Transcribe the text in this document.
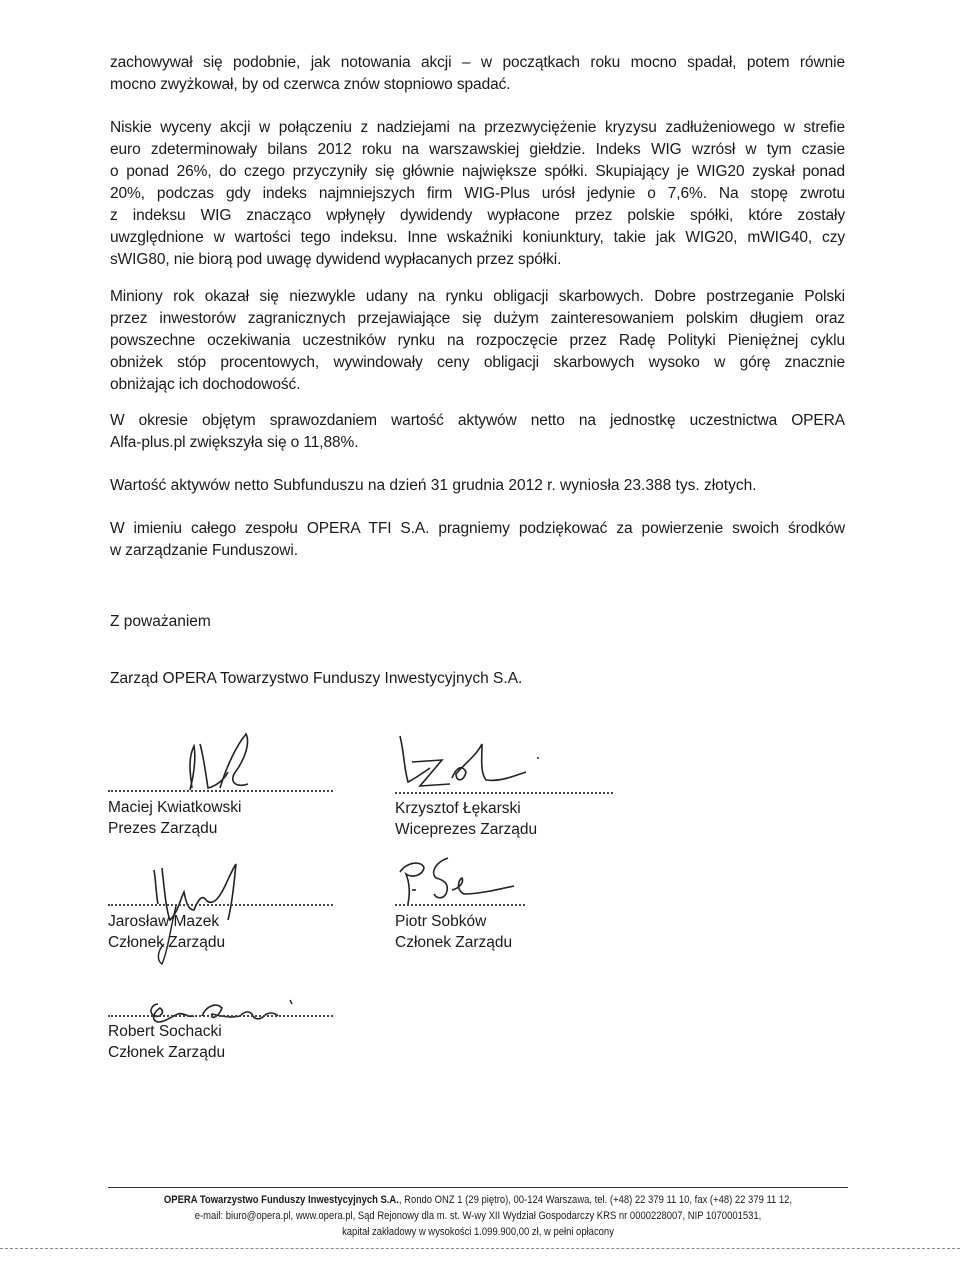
zachowywał się podobnie, jak notowania akcji – w początkach roku mocno spadał, potem równie
mocno zwyżkował, by od czerwca znów stopniowo spadać.
Niskie wyceny akcji w połączeniu z nadziejami na przezwyciężenie kryzysu zadłużeniowego w strefie
euro zdeterminowały bilans 2012 roku na warszawskiej giełdzie. Indeks WIG wzrósł w tym czasie
o ponad 26%, do czego przyczyniły się głównie największe spółki. Skupiający je WIG20 zyskał ponad
20%, podczas gdy indeks najmniejszych firm WIG-Plus urósł jedynie o 7,6%. Na stopę zwrotu
z indeksu WIG znacząco wpłynęły dywidendy wypłacone przez polskie spółki, które zostały
uwzględnione w wartości tego indeksu. Inne wskaźniki koniunktury, takie jak WIG20, mWIG40, czy
sWIG80, nie biorą pod uwagę dywidend wypłacanych przez spółki.
Miniony rok okazał się niezwykle udany na rynku obligacji skarbowych. Dobre postrzeganie Polski
przez inwestorów zagranicznych przejawiające się dużym zainteresowaniem polskim długiem oraz
powszechne oczekiwania uczestników rynku na rozpoczęcie przez Radę Polityki Pieniężnej cyklu
obniżek stóp procentowych, wywindowały ceny obligacji skarbowych wysoko w górę znacznie
obniżając ich dochodowość.
W okresie objętym sprawozdaniem wartość aktywów netto na jednostkę uczestnictwa OPERA
Alfa-plus.pl zwiększyła się o 11,88%.
Wartość aktywów netto Subfunduszu na dzień 31 grudnia 2012 r. wyniosła 23.388 tys. złotych.
W imieniu całego zespołu OPERA TFI S.A. pragniemy podziękować za powierzenie swoich środków
w zarządzanie Funduszowi.
Z poważaniem
Zarząd OPERA Towarzystwo Funduszy Inwestycyjnych S.A.
Maciej Kwiatkowski
Prezes Zarządu
Krzysztof Łękarski
Wiceprezes Zarządu
Jarosław Mazek
Członek Zarządu
Piotr Sobków
Członek Zarządu
Robert Sochacki
Członek Zarządu
OPERA Towarzystwo Funduszy Inwestycyjnych S.A., Rondo ONZ 1 (29 piętro), 00-124 Warszawa, tel. (+48) 22 379 11 10, fax (+48) 22 379 11 12,
e-mail: biuro@opera.pl, www.opera.pl, Sąd Rejonowy dla m. st. W-wy XII Wydział Gospodarczy KRS nr 0000228007, NIP 1070001531,
kapitał zakładowy w wysokości 1.099.900,00 zł, w pełni opłacony
